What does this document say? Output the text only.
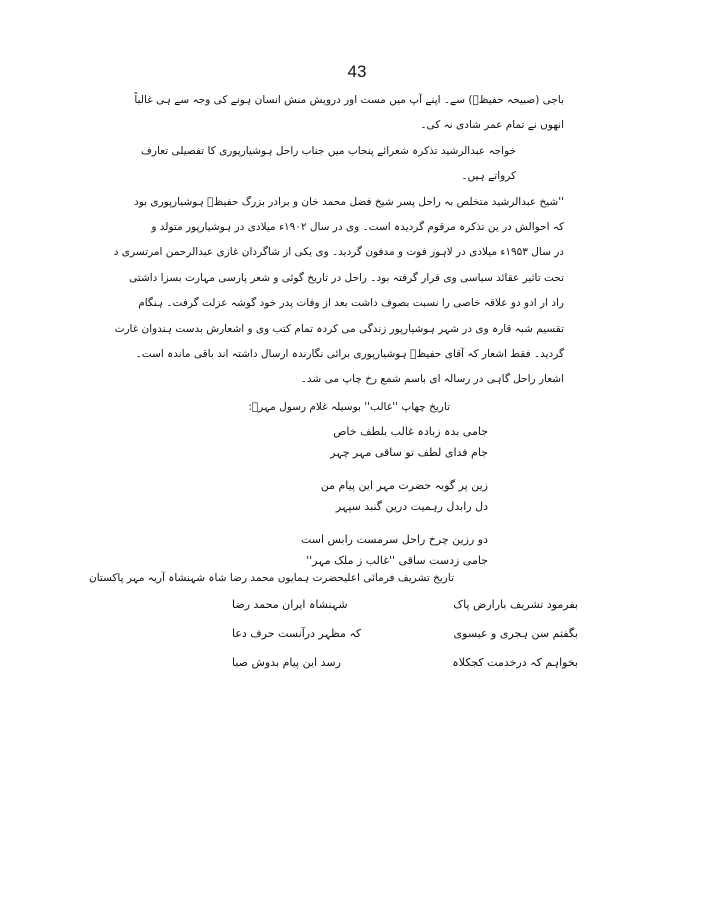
43
باجی (صبیحہ حفیظؔ) سے۔ اپنے آپ میں مست اور درویش منش انسان ہونے کی وجہ سے ہی غالباً
انھوں نے تمام عمر شادی نہ کی۔
خواجہ عبدالرشید تذکرہ شعرائے پنجاب میں جناب راحل ہوشیارپوری کا تفصیلی تعارف
کرواتے ہیں۔
''شیخ عبدالرشید متخلص بہ راحل پسر شیخ فضل محمد خان و برادر بزرگ حفیظؔ ہوشیارپوری بود
کہ احوالش در ین تذکرہ مرقوم گردیدہ است۔ وی در سال ۱۹۰۲ء میلادی در ہوشیارپور متولد و
در سال ۱۹۵۳ء میلادی در لاہور فوت و مدفون گردید۔ وی یکی از شاگردان غازی عبدالرحمن امرتسری د
تحت تاثیر عقائد سیاسی وی قرار گرفتہ بود۔ راحل در تاریخ گوئی و شعر پارسی مہارت بسزا داشتی
راد ار ادو دو علاقہ خاصی را نسبت بصوف داشت بعد از وفات پدر خود گوشہ عزلت گرفت۔ ہنگام
تقسیم شبہ قارہ وی در شہر ہوشیارپور زندگی می کردہ تمام کتب وی و اشعارش بدست ہندوان غارت
گردید۔ فقط اشعار کہ آقای حفیظؔ ہوشیارپوری برائی نگارندہ ارسال داشتہ اند باقی ماندہ است۔
اشعار راحل گاہی در رسالہ ای باسم شمع رخ چاپ می شد۔
تاریخ چھاپ ''غالب'' بوسیلہ غلام رسول مہرؔ:
جامی بدہ زبادہ غالب بلطف خاص
جام فدای لطف تو ساقی مہر چہر
زین پر گوبہ حضرت مہر این پیام من
دل رابدل رہمیت درین گنبد سپہر
دو رزین چرخ راحل سرمست رابس است
جامی زدست ساقی ''غالب ز ملک مہر''
تاریخ تشریف فرمائی اعلیحضرت ہمایوں محمد رضا شاہ شہنشاہ آریہ مہر پاکستان
بفرمود تشریف بارارض پاک
شہنشاہ ایران محمد رضا
بگفتم سن ہجری و عیسوی
کہ مظہر درآنست حرف دعا
بخواہم کہ درخدمت کجکلاہ
رسد این پیام بدوش صبا
